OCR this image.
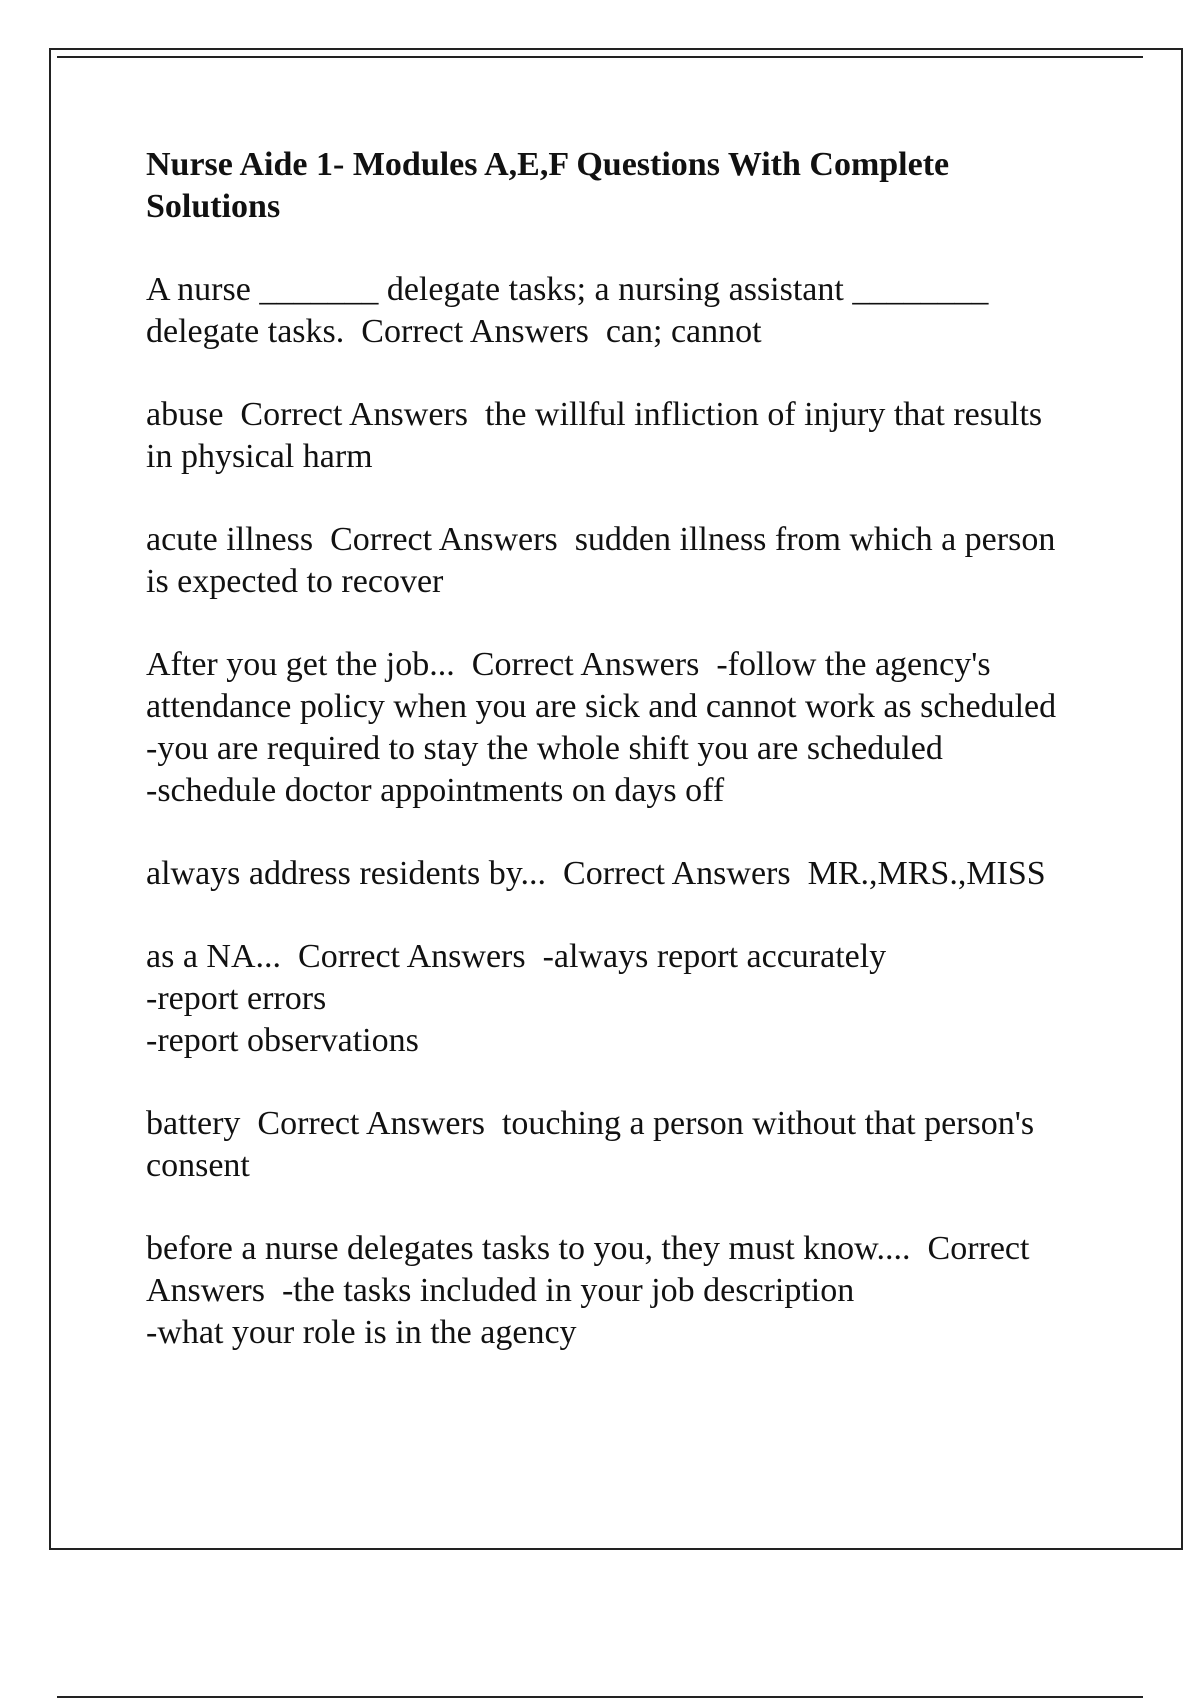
Nurse Aide 1- Modules A,E,F Questions With Complete Solutions
A nurse _______ delegate tasks; a nursing assistant ________ delegate tasks. Correct Answers can; cannot
abuse Correct Answers the willful infliction of injury that results in physical harm
acute illness Correct Answers sudden illness from which a person is expected to recover
After you get the job... Correct Answers -follow the agency's attendance policy when you are sick and cannot work as scheduled
-you are required to stay the whole shift you are scheduled
-schedule doctor appointments on days off
always address residents by... Correct Answers MR.,MRS.,MISS
as a NA... Correct Answers -always report accurately
-report errors
-report observations
battery Correct Answers touching a person without that person's consent
before a nurse delegates tasks to you, they must know.... Correct Answers -the tasks included in your job description
-what your role is in the agency
